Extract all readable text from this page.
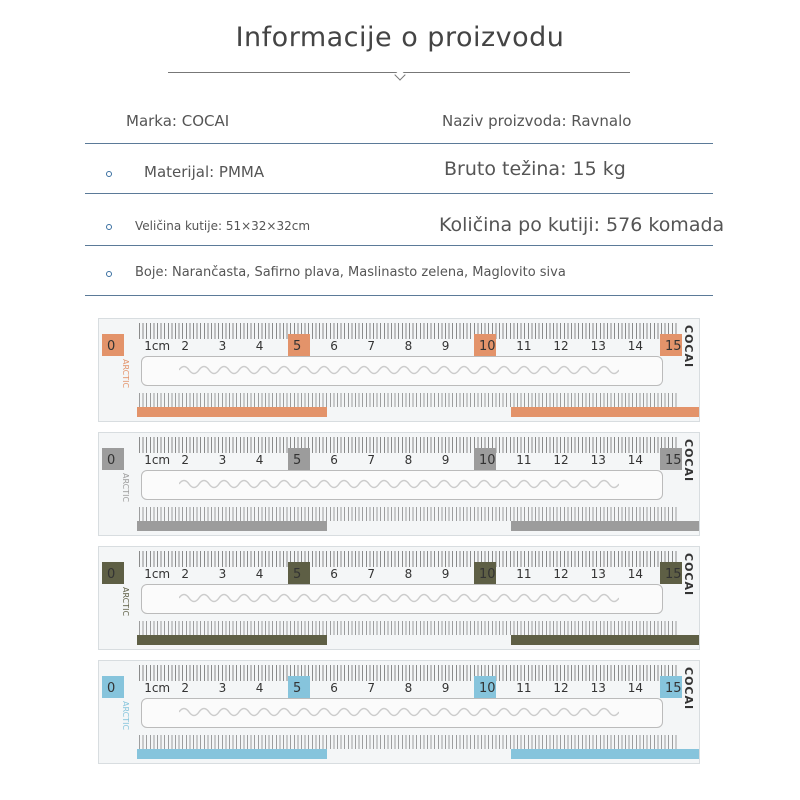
Informacije o proizvodu
Marka: COCAI	Naziv proizvoda: Ravnalo
Materijal: PMMA	Bruto težina: 15 kg
Veličina kutije: 51×32×32cm	Količina po kutiji: 576 komada
Boje: Narančasta, Safirno plava, Maslinasto zelena, Maglovito siva
0 1cm 2 3 4 5 6 7 8 9 10 11 12 13 14 15 COCAI
ARCTIC
0 1cm 2 3 4 5 6 7 8 9 10 11 12 13 14 15 COCAI
ARCTIC
0 1cm 2 3 4 5 6 7 8 9 10 11 12 13 14 15 COCAI
ARCTIC
0 1cm 2 3 4 5 6 7 8 9 10 11 12 13 14 15 COCAI
ARCTIC
